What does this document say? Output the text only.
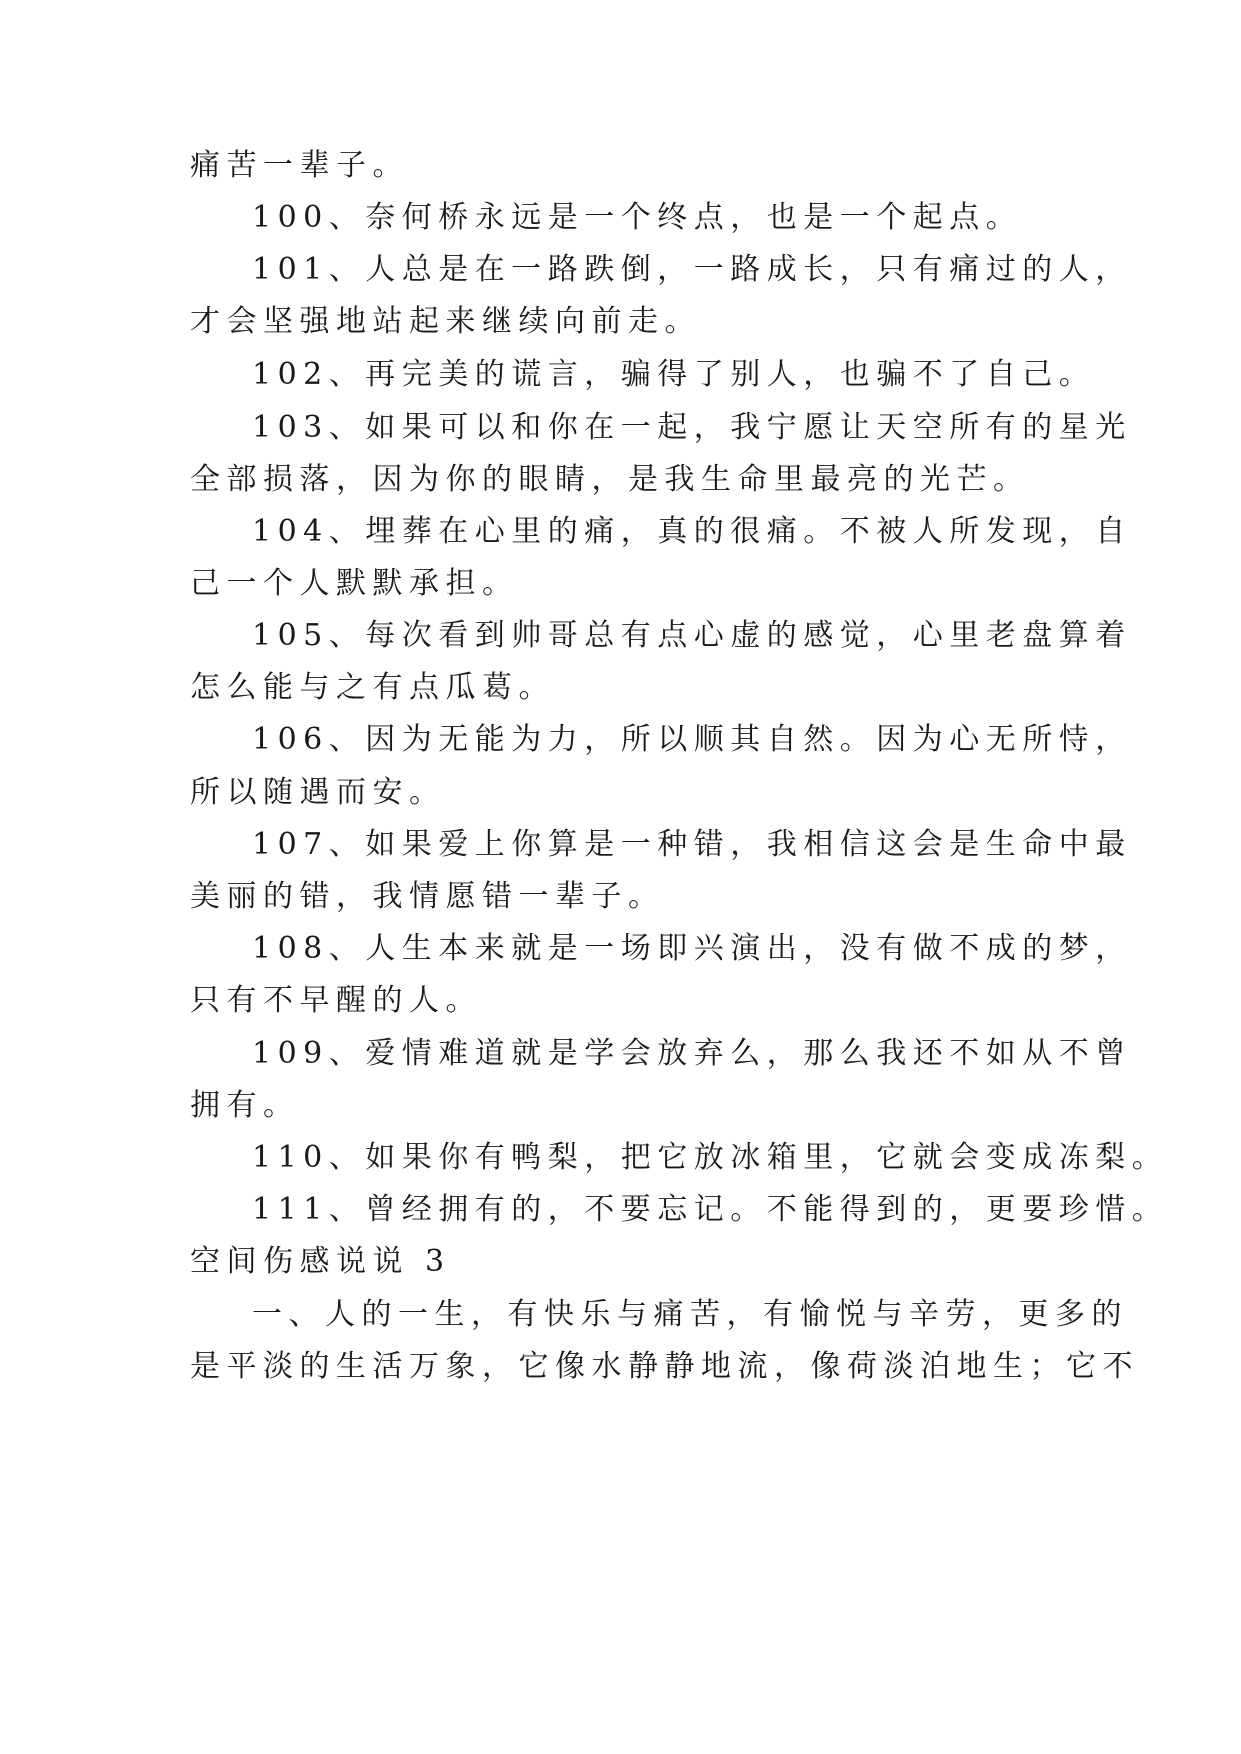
痛苦一辈子。
100、奈何桥永远是一个终点，也是一个起点。
101、人总是在一路跌倒，一路成长，只有痛过的人，
才会坚强地站起来继续向前走。
102、再完美的谎言，骗得了别人，也骗不了自己。
103、如果可以和你在一起，我宁愿让天空所有的星光
全部损落，因为你的眼睛，是我生命里最亮的光芒。
104、埋葬在心里的痛，真的很痛。不被人所发现，自
己一个人默默承担。
105、每次看到帅哥总有点心虚的感觉，心里老盘算着
怎么能与之有点瓜葛。
106、因为无能为力，所以顺其自然。因为心无所恃，
所以随遇而安。
107、如果爱上你算是一种错，我相信这会是生命中最
美丽的错，我情愿错一辈子。
108、人生本来就是一场即兴演出，没有做不成的梦，
只有不早醒的人。
109、爱情难道就是学会放弃么，那么我还不如从不曾
拥有。
110、如果你有鸭梨，把它放冰箱里，它就会变成冻梨。
111、曾经拥有的，不要忘记。不能得到的，更要珍惜。
空间伤感说说 3
一、人的一生，有快乐与痛苦，有愉悦与辛劳，更多的
是平淡的生活万象，它像水静静地流，像荷淡泊地生；它不
